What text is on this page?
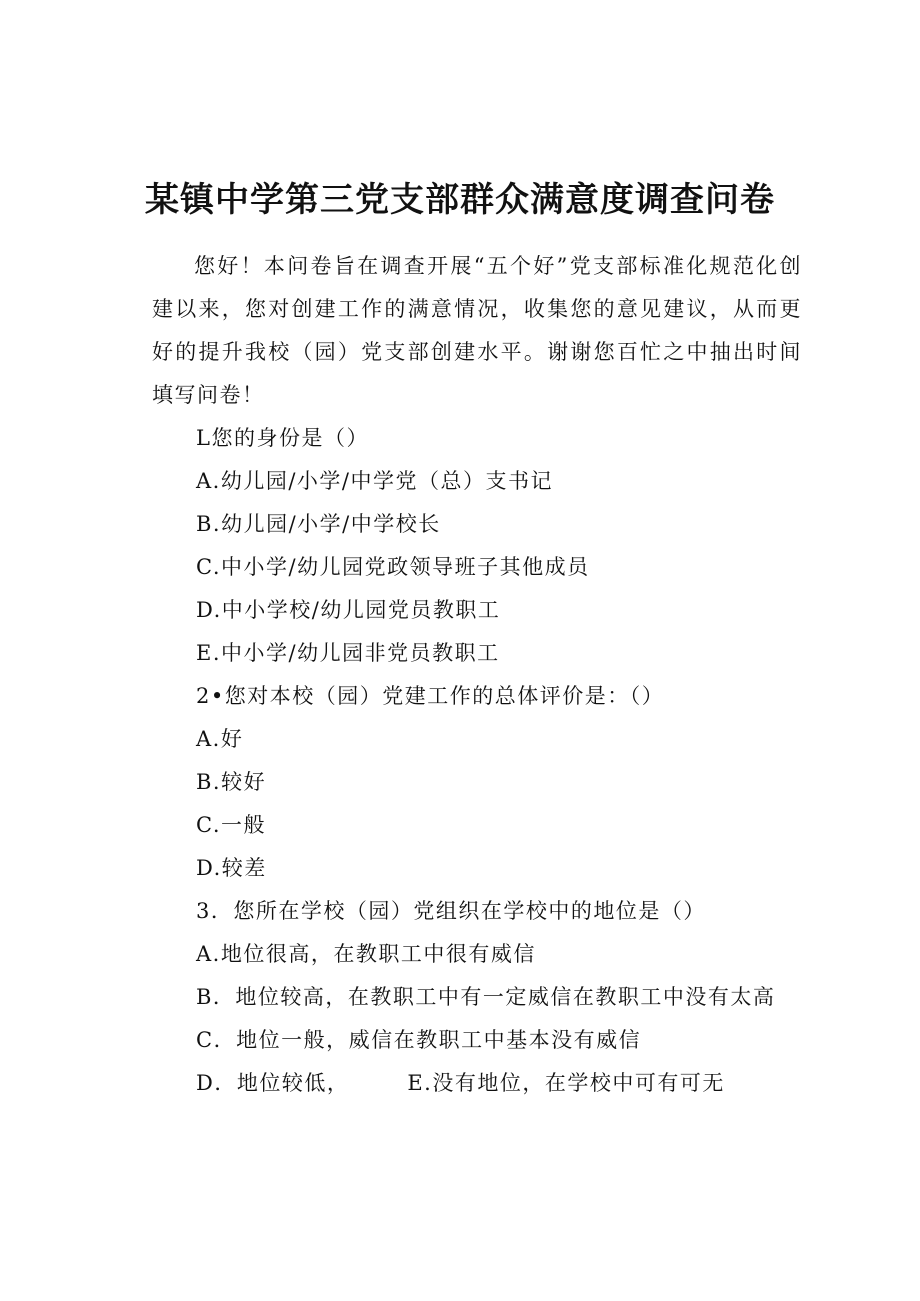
某镇中学第三党支部群众满意度调查问卷

您好！本问卷旨在调查开展“五个好”党支部标准化规范化创建以来，您对创建工作的满意情况，收集您的意见建议，从而更好的提升我校（园）党支部创建水平。谢谢您百忙之中抽出时间填写问卷！

L您的身份是（）

A.幼儿园/小学/中学党（总）支书记

B.幼儿园/小学/中学校长

C.中小学/幼儿园党政领导班子其他成员

D.中小学校/幼儿园党员教职工

E.中小学/幼儿园非党员教职工

2•您对本校（园）党建工作的总体评价是：（）

A.好

B.较好

C.一般

D.较差

3．您所在学校（园）党组织在学校中的地位是（）

A.地位很高，在教职工中很有威信

B．地位较高，在教职工中有一定威信在教职工中没有太高

C．地位一般，威信在教职工中基本没有威信

D．地位较低，	E.没有地位，在学校中可有可无
